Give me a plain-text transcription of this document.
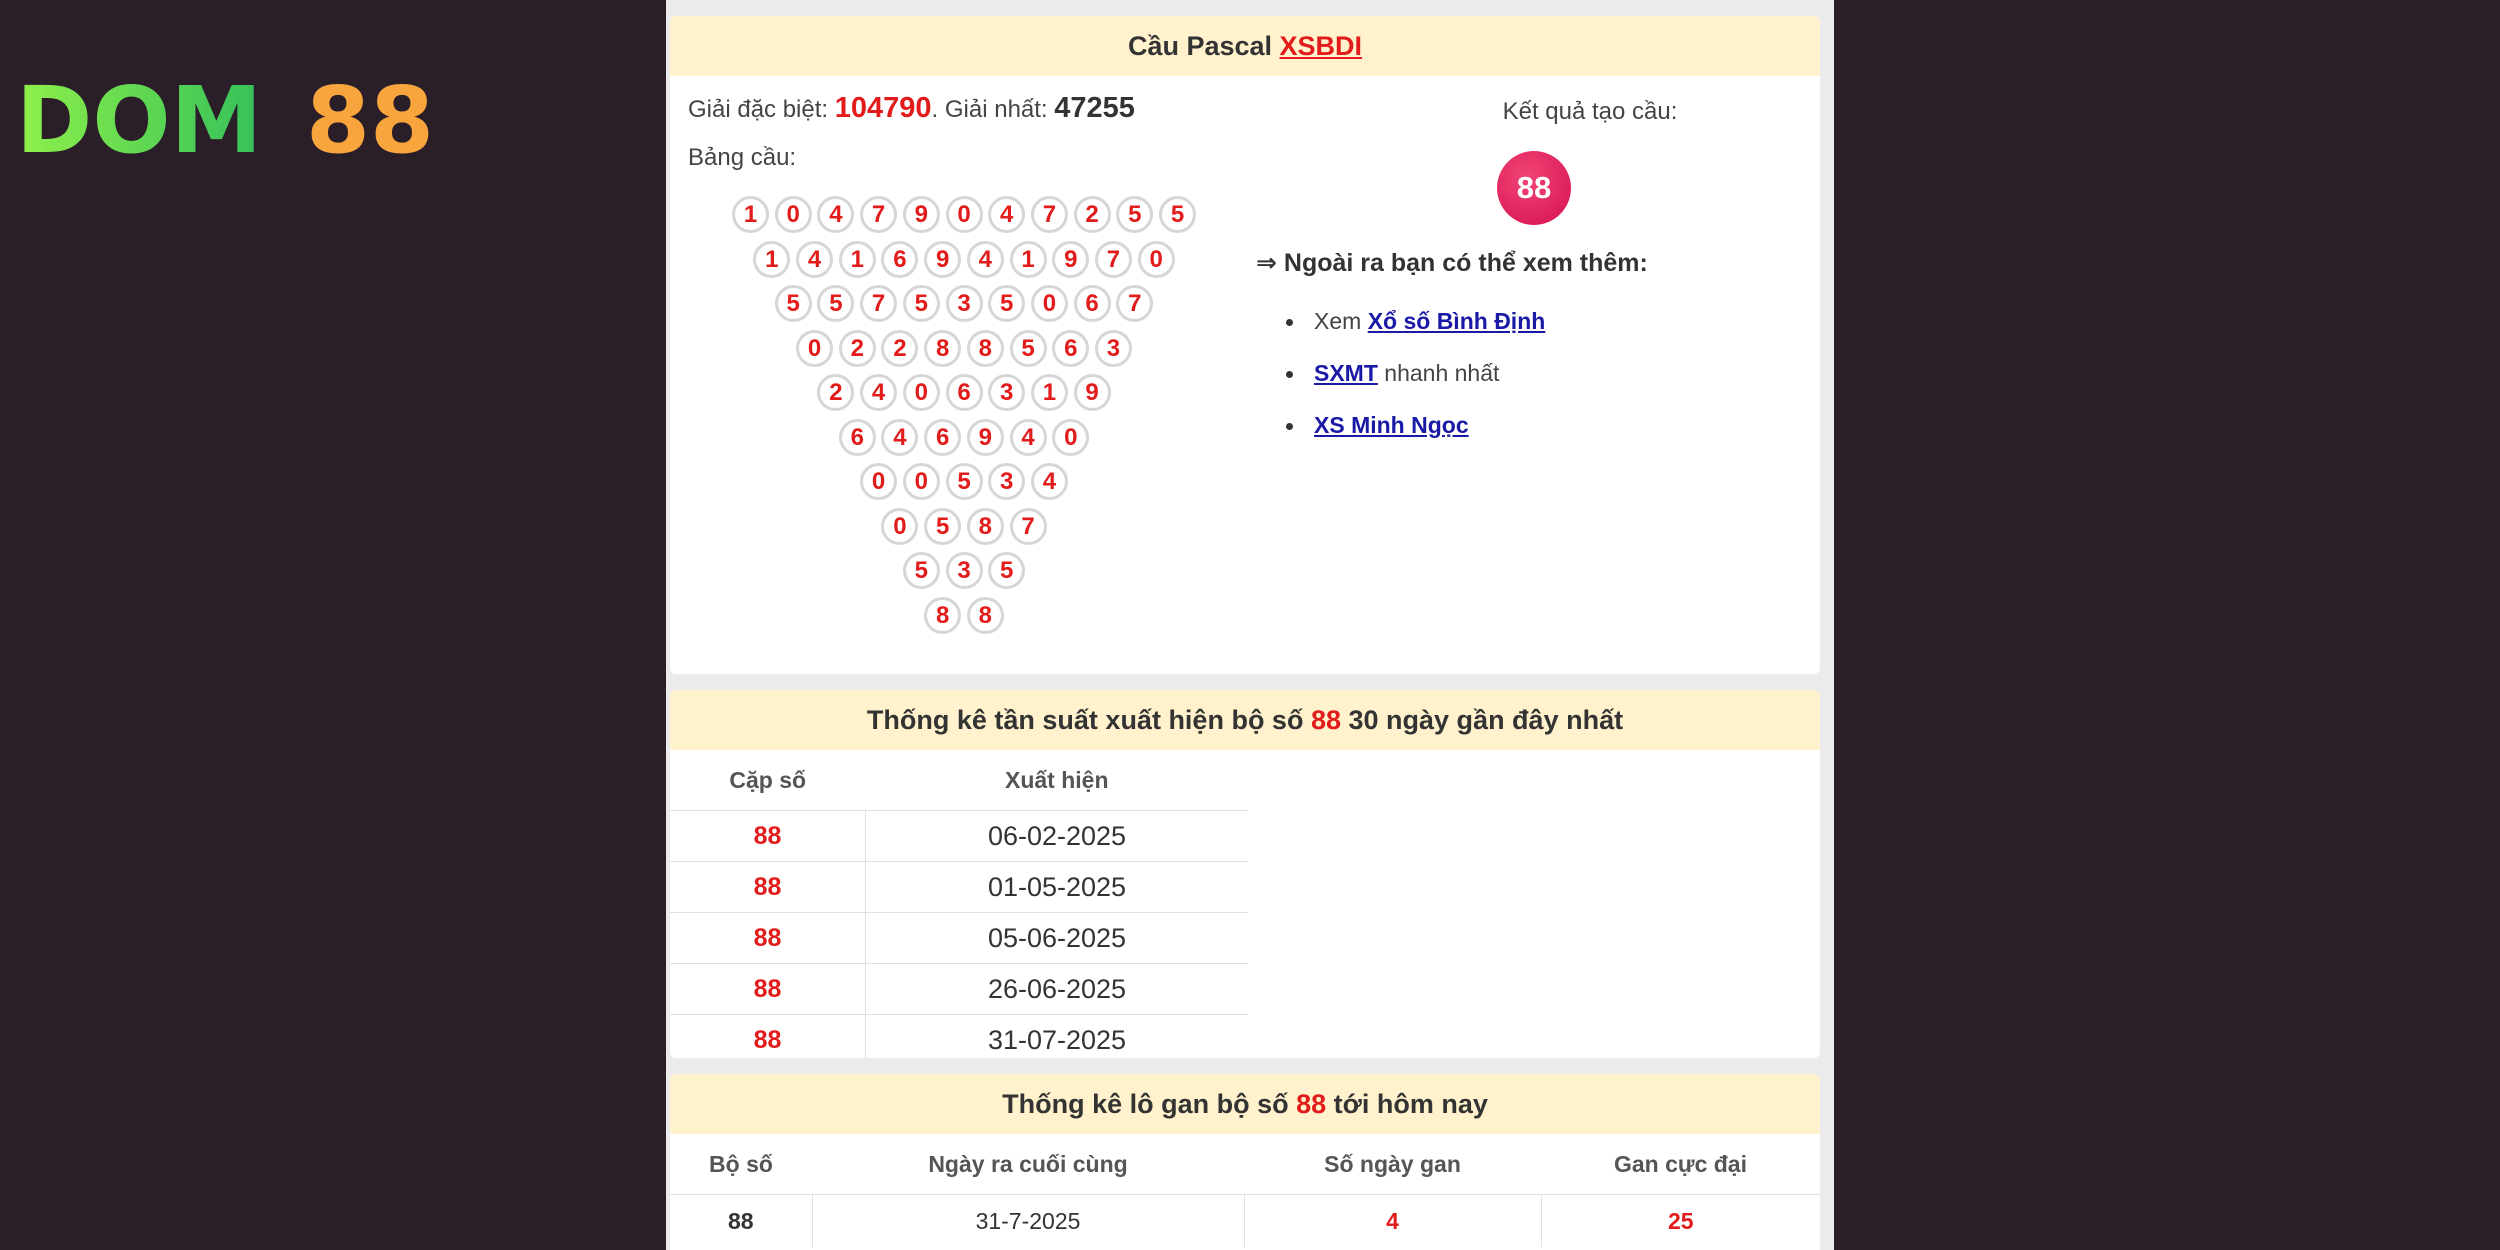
DOM 88
Cầu Pascal XSBDI
Giải đặc biệt: 104790. Giải nhất: 47255
Bảng cầu:
1	0	4	7	9	0	4	7	2	5	5
1	4	1	6	9	4	1	9	7	0
5	5	7	5	3	5	0	6	7
0	2	2	8	8	5	6	3
2	4	0	6	3	1	9
6	4	6	9	4	0
0	0	5	3	4
0	5	8	7
5	3	5
8	8
Kết quả tạo cầu:
88
⇒ Ngoài ra bạn có thể xem thêm:
Xem Xổ số Bình Định
SXMT nhanh nhất
XS Minh Ngọc
Thống kê tần suất xuất hiện bộ số 88 30 ngày gần đây nhất
Cặp số	Xuất hiện
88	06-02-2025
88	01-05-2025
88	05-06-2025
88	26-06-2025
88	31-07-2025
Thống kê lô gan bộ số 88 tới hôm nay
Bộ số	Ngày ra cuối cùng	Số ngày gan	Gan cực đại
88	31-7-2025	4	25
